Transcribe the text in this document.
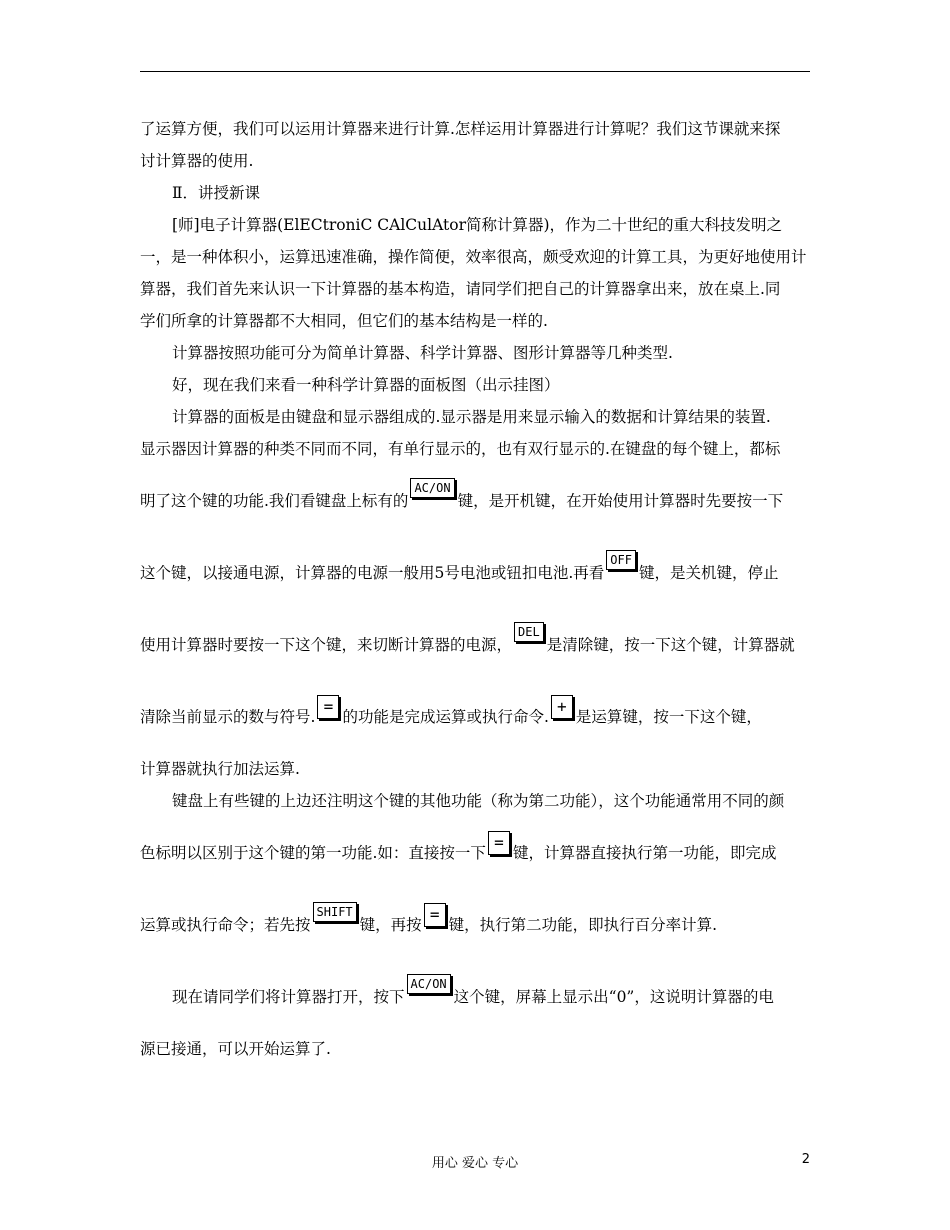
了运算方便，我们可以运用计算器来进行计算.怎样运用计算器进行计算呢？我们这节课就来探

讨计算器的使用.

Ⅱ．讲授新课

[师]电子计算器(ElECtroniC CAlCulAtor简称计算器)，作为二十世纪的重大科技发明之

一，是一种体积小，运算迅速准确，操作简便，效率很高，颇受欢迎的计算工具，为更好地使用计

算器，我们首先来认识一下计算器的基本构造，请同学们把自己的计算器拿出来，放在桌上.同

学们所拿的计算器都不大相同，但它们的基本结构是一样的.

计算器按照功能可分为简单计算器、科学计算器、图形计算器等几种类型.

好，现在我们来看一种科学计算器的面板图（出示挂图）

计算器的面板是由键盘和显示器组成的.显示器是用来显示输入的数据和计算结果的装置.

显示器因计算器的种类不同而不同，有单行显示的，也有双行显示的.在键盘的每个键上，都标

明了这个键的功能.我们看键盘上标有的AC/ON键，是开机键，在开始使用计算器时先要按一下

这个键，以接通电源，计算器的电源一般用5号电池或钮扣电池.再看OFF键，是关机键，停止

使用计算器时要按一下这个键，来切断计算器的电源，DEL是清除键，按一下这个键，计算器就

清除当前显示的数与符号.=的功能是完成运算或执行命令.+是运算键，按一下这个键，

计算器就执行加法运算.

键盘上有些键的上边还注明这个键的其他功能（称为第二功能），这个功能通常用不同的颜

色标明以区别于这个键的第一功能.如：直接按一下=键，计算器直接执行第一功能，即完成

运算或执行命令；若先按SHIFT键，再按=键，执行第二功能，即执行百分率计算.

现在请同学们将计算器打开，按下AC/ON这个键，屏幕上显示出“0”，这说明计算器的电

源已接通，可以开始运算了.

用心 爱心 专心	2
